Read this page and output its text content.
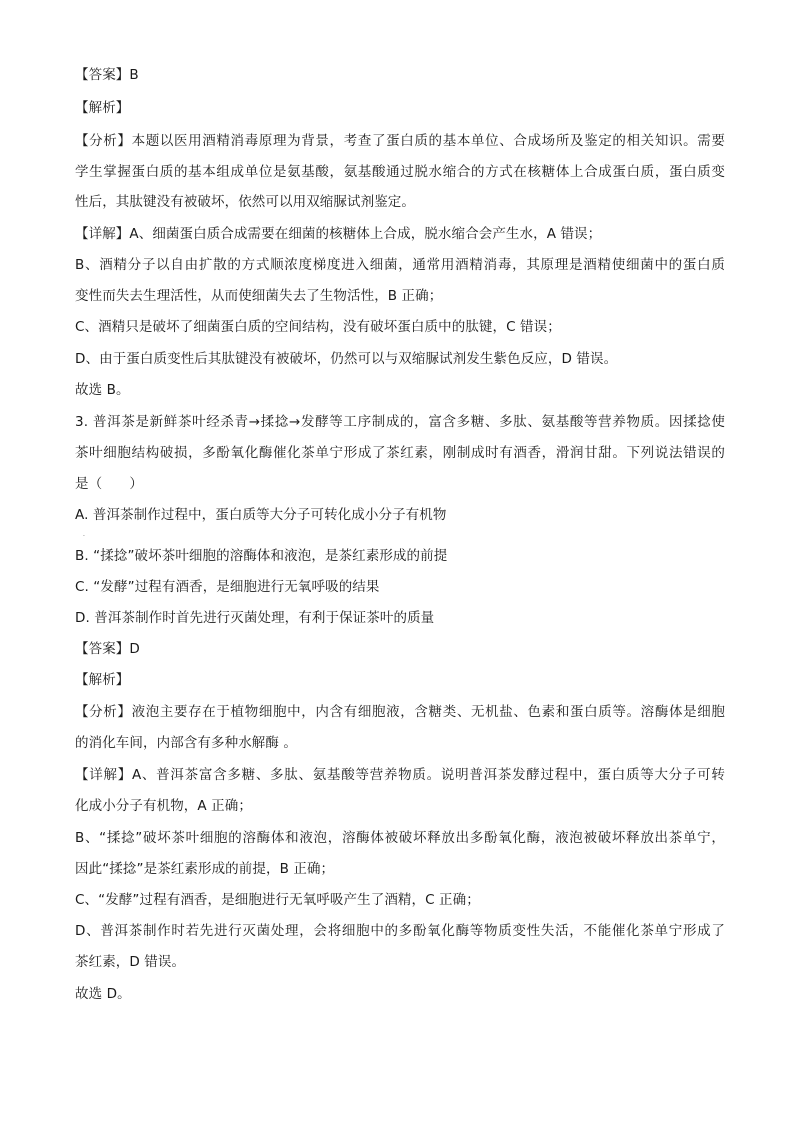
【答案】B
【解析】
【分析】本题以医用酒精消毒原理为背景，考查了蛋白质的基本单位、合成场所及鉴定的相关知识。需要
学生掌握蛋白质的基本组成单位是氨基酸，氨基酸通过脱水缩合的方式在核糖体上合成蛋白质，蛋白质变
性后，其肽键没有被破坏，依然可以用双缩脲试剂鉴定。
【详解】A、细菌蛋白质合成需要在细菌的核糖体上合成，脱水缩合会产生水，A 错误；
B、酒精分子以自由扩散的方式顺浓度梯度进入细菌，通常用酒精消毒，其原理是酒精使细菌中的蛋白质
变性而失去生理活性，从而使细菌失去了生物活性，B 正确；
C、酒精只是破坏了细菌蛋白质的空间结构，没有破坏蛋白质中的肽键，C 错误；
D、由于蛋白质变性后其肽键没有被破坏，仍然可以与双缩脲试剂发生紫色反应，D 错误。
故选 B。
3. 普洱茶是新鲜茶叶经杀青→揉捻→发酵等工序制成的，富含多糖、多肽、氨基酸等营养物质。因揉捻使
茶叶细胞结构破损，多酚氧化酶催化茶单宁形成了茶红素，刚制成时有酒香，滑润甘甜。下列说法错误的
是（　　）
A. 普洱茶制作过程中，蛋白质等大分子可转化成小分子有机物
·
B. “揉捻”破坏茶叶细胞的溶酶体和液泡，是茶红素形成的前提
C. “发酵”过程有酒香，是细胞进行无氧呼吸的结果
D. 普洱茶制作时首先进行灭菌处理，有利于保证茶叶的质量
【答案】D
【解析】
【分析】液泡主要存在于植物细胞中，内含有细胞液，含糖类、无机盐、色素和蛋白质等。溶酶体是细胞
的消化车间，内部含有多种水解酶 。
【详解】A、普洱茶富含多糖、多肽、氨基酸等营养物质。说明普洱茶发酵过程中，蛋白质等大分子可转
化成小分子有机物，A 正确；
B、“揉捻”破坏茶叶细胞的溶酶体和液泡，溶酶体被破坏释放出多酚氧化酶，液泡被破坏释放出茶单宁，
因此“揉捻”是茶红素形成的前提，B 正确；
C、“发酵”过程有酒香，是细胞进行无氧呼吸产生了酒精，C 正确；
D、普洱茶制作时若先进行灭菌处理，会将细胞中的多酚氧化酶等物质变性失活，不能催化茶单宁形成了
茶红素，D 错误。
故选 D。
